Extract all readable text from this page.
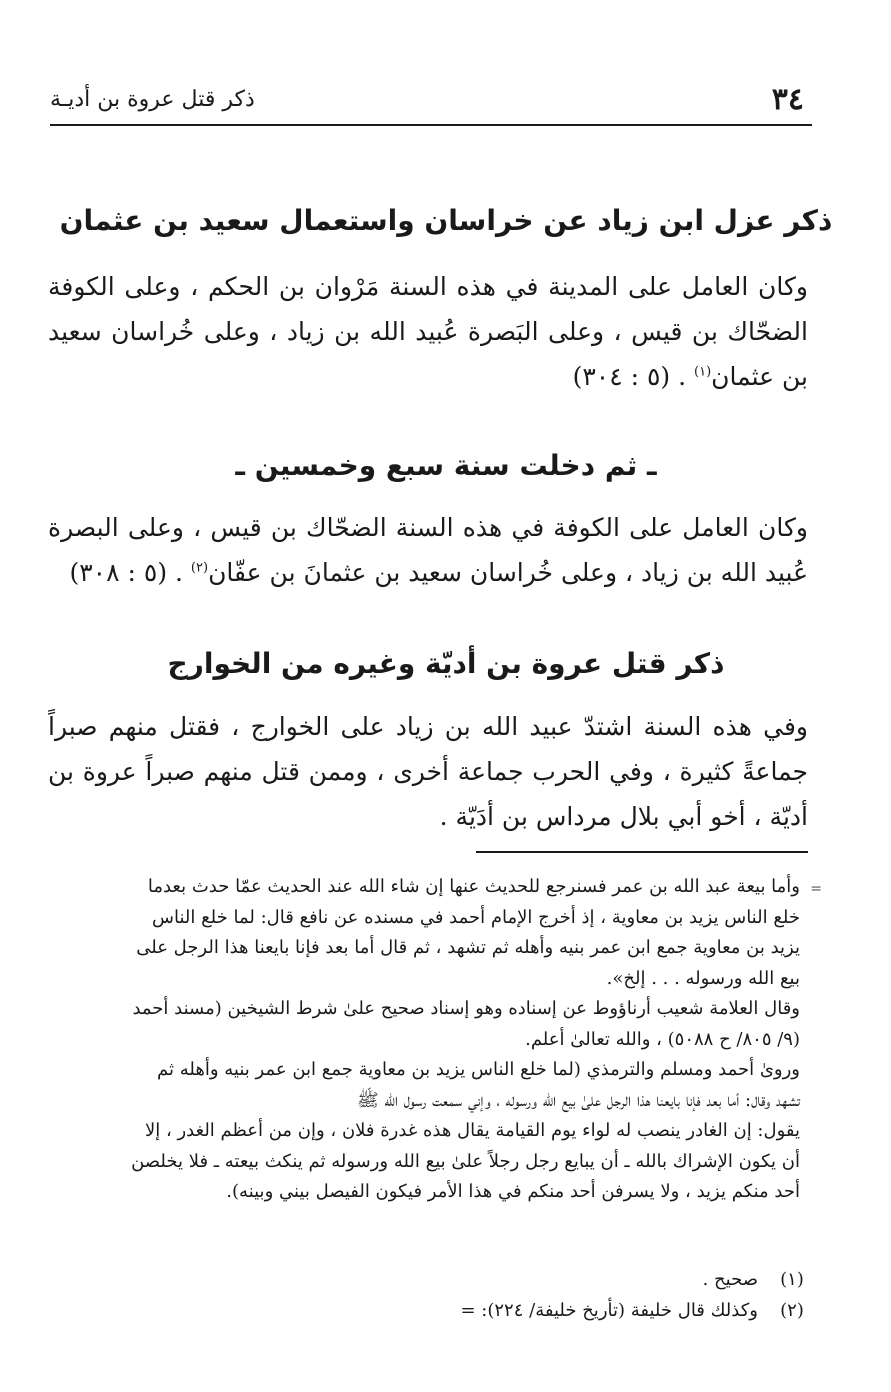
٣٤
ذكر قتل عروة بن أديـة
ذكر عزل ابن زياد عن خراسان واستعمال سعيد بن عثمان

وكان العامل على المدينة في هذه السنة مَرْوان بن الحكم ، وعلى الكوفة الضحّاك بن قيس ، وعلى البَصرة عُبيد الله بن زياد ، وعلى خُراسان سعيد بن عثمان$^{(١)}$ . (٥ : ٣٠٤)

ـ ثم دخلت سنة سبع وخمسين ـ

وكان العامل على الكوفة في هذه السنة الضحّاك بن قيس ، وعلى البصرة عُبيد الله بن زياد ، وعلى خُراسان سعيد بن عثمانَ بن عفّان$^{(٢)}$ . (٥ : ٣٠٨)

ذكر قتل عروة بن أديّة وغيره من الخوارج

وفي هذه السنة اشتدّ عبيد الله بن زياد على الخوارج ، فقتل منهم صبراً جماعةً كثيرة ، وفي الحرب جماعة أخرى ، وممن قتل منهم صبراً عروة بن أديّة ، أخو أبي بلال مرداس بن أدَيّة .

=

وأما بيعة عبد الله بن عمر فسنرجع للحديث عنها إن شاء الله عند الحديث عمّا حدث بعدما

خلع الناس يزيد بن معاوية ، إذ أخرج الإمام أحمد في مسنده عن نافع قال: لما خلع الناس

يزيد بن معاوية جمع ابن عمر بنيه وأهله ثم تشهد ، ثم قال أما بعد فإنا بايعنا هذا الرجل على

بيع الله ورسوله . . . إلخ».

وقال العلامة شعيب أرناؤوط عن إسناده وهو إسناد صحيح علىٰ شرط الشيخين (مسند أحمد

(٩/ ٨٠٥/ ح ٥٠٨٨) ، والله تعالىٰ أعلم.

ورویٰ أحمد ومسلم والترمذي (لما خلع الناس يزيد بن معاوية جمع ابن عمر بنيه وأهله ثم

تشهد وقال: أما بعد فإنا بايعنا هذا الرجل علىٰ بيع الله ورسوله ، وإني سمعت رسول الله ﷺ

يقول: إن الغادر ينصب له لواء يوم القيامة يقال هذه غدرة فلان ، وإن من أعظم الغدر ، إلا

أن يكون الإشراك بالله ـ أن يبايع رجل رجلاً علىٰ بيع الله ورسوله ثم ينكث بيعته ـ فلا يخلصن

أحد منكم يزيد ، ولا يسرفن أحد منكم في هذا الأمر فيكون الفيصل بيني وبينه).

(١)
صحيح .
(٢)
وكذلك قال خليفة (تأريخ خليفة/ ٢٢٤): =
